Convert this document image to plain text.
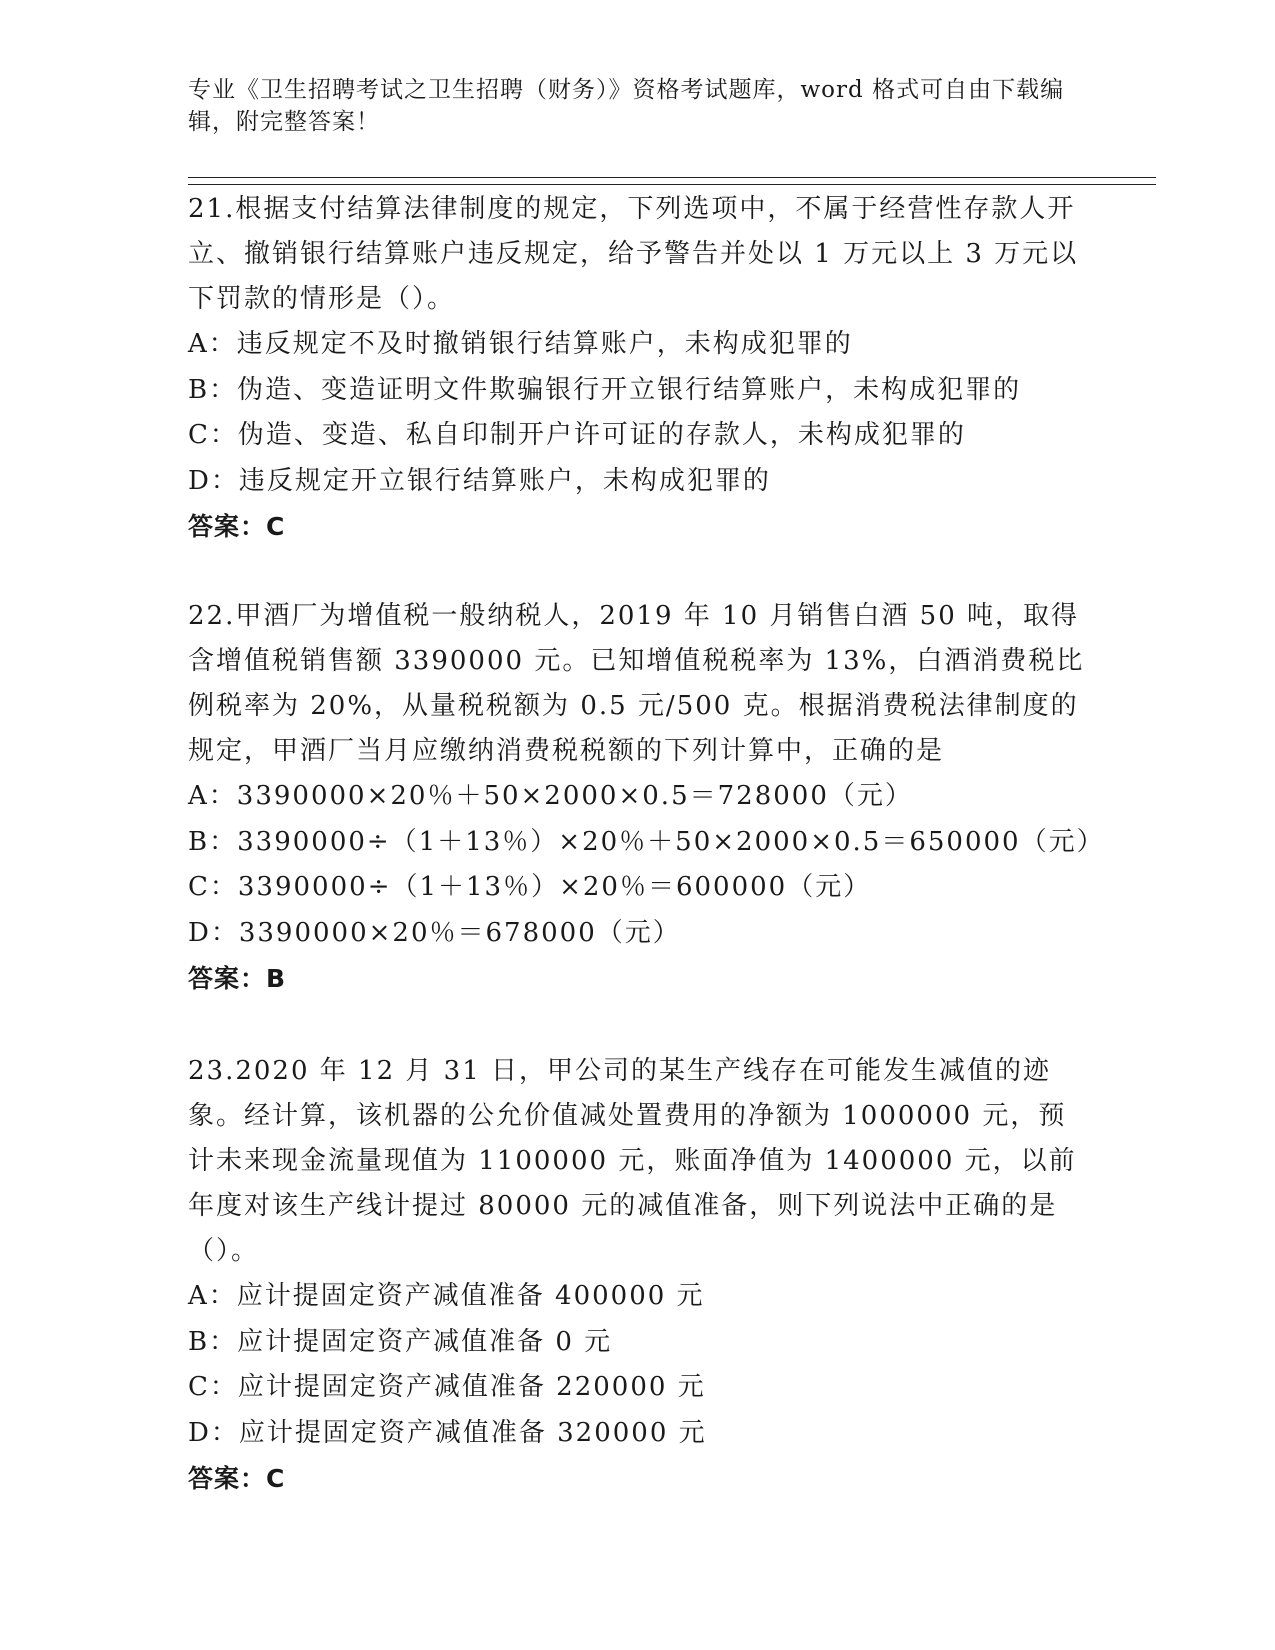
专业《卫生招聘考试之卫生招聘（财务）》资格考试题库，word 格式可自由下载编辑，附完整答案！

21.根据支付结算法律制度的规定，下列选项中，不属于经营性存款人开立、撤销银行结算账户违反规定，给予警告并处以 1 万元以上 3 万元以下罚款的情形是（）。

A：违反规定不及时撤销银行结算账户，未构成犯罪的

B：伪造、变造证明文件欺骗银行开立银行结算账户，未构成犯罪的

C：伪造、变造、私自印制开户许可证的存款人，未构成犯罪的

D：违反规定开立银行结算账户，未构成犯罪的

答案：C

22.甲酒厂为增值税一般纳税人，2019 年 10 月销售白酒 50 吨，取得含增值税销售额 3390000 元。已知增值税税率为 13%，白酒消费税比例税率为 20%，从量税税额为 0.5 元/500 克。根据消费税法律制度的规定，甲酒厂当月应缴纳消费税税额的下列计算中，正确的是

A：3390000×20％＋50×2000×0.5＝728000（元）

B：3390000÷（1＋13％）×20％＋50×2000×0.5＝650000（元）

C：3390000÷（1＋13％）×20％＝600000（元）

D：3390000×20％＝678000（元）

答案：B

23.2020 年 12 月 31 日，甲公司的某生产线存在可能发生减值的迹象。经计算，该机器的公允价值减处置费用的净额为 1000000 元，预计未来现金流量现值为 1100000 元，账面净值为 1400000 元，以前年度对该生产线计提过 80000 元的减值准备，则下列说法中正确的是（）。

A：应计提固定资产减值准备 400000 元

B：应计提固定资产减值准备 0 元

C：应计提固定资产减值准备 220000 元

D：应计提固定资产减值准备 320000 元

答案：C
